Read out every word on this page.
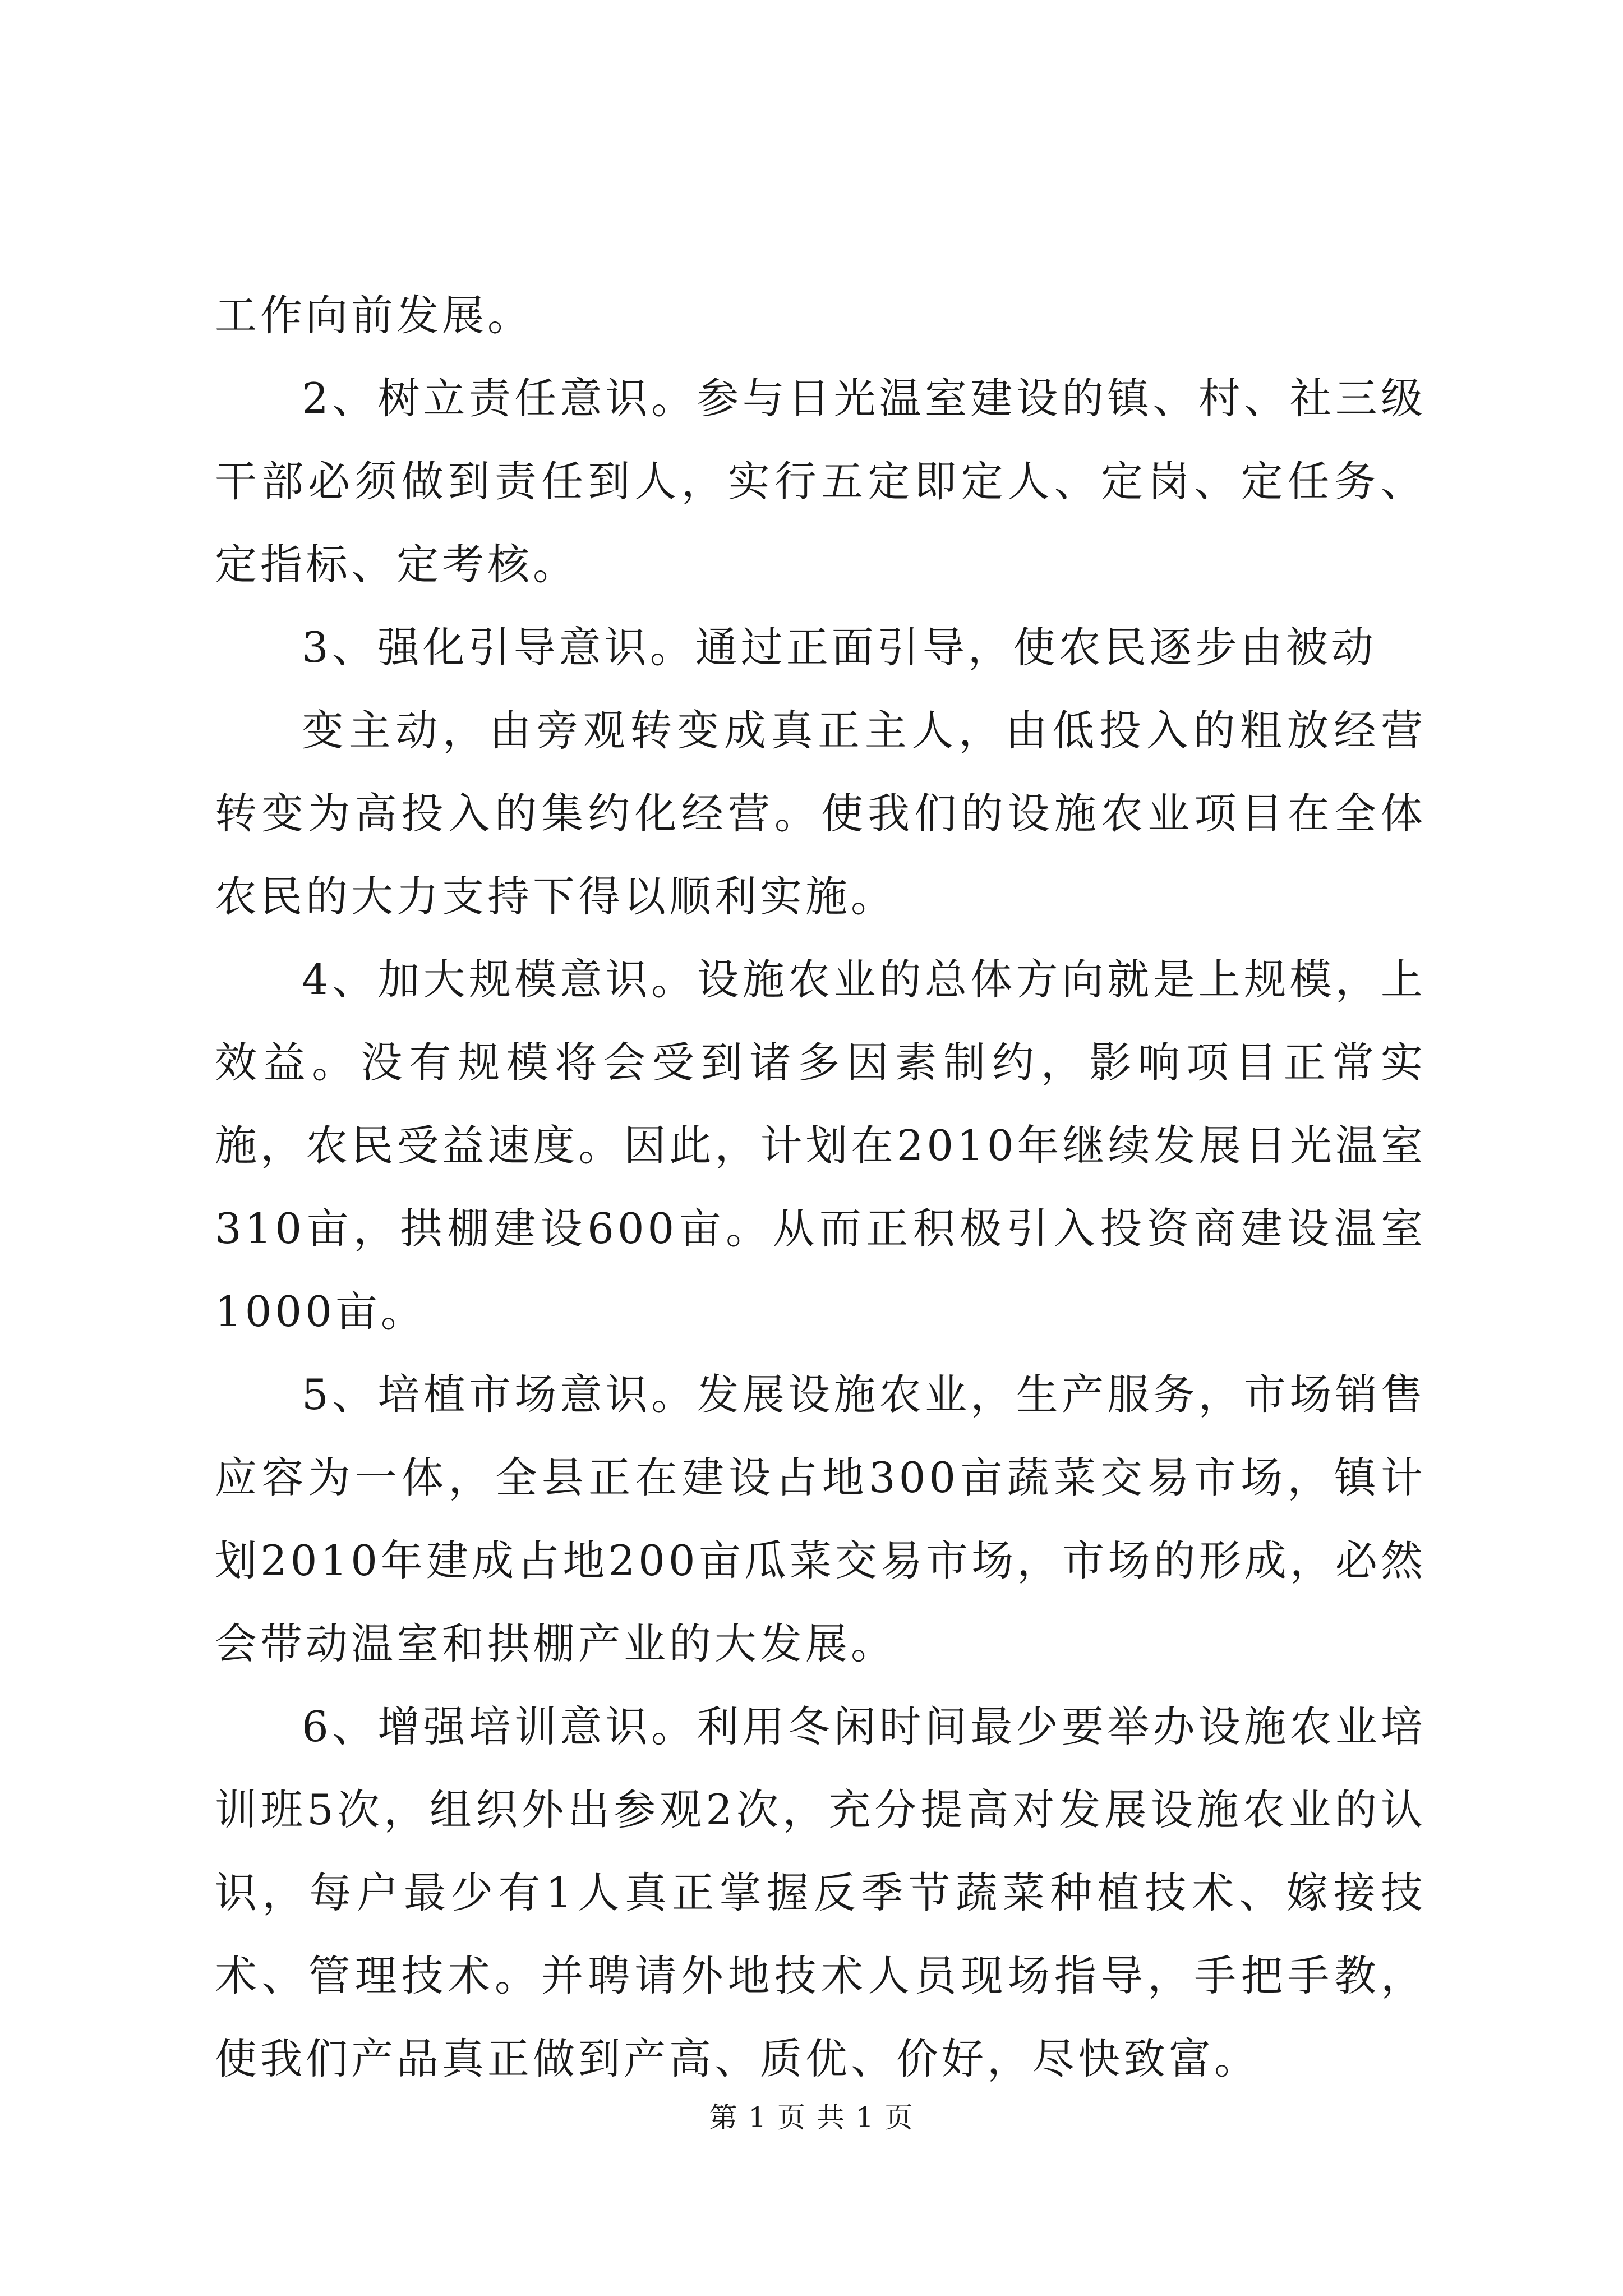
工作向前发展。

2、树立责任意识。参与日光温室建设的镇、村、社三级干部必须做到责任到人，实行五定即定人、定岗、定任务、定指标、定考核。

3、强化引导意识。通过正面引导，使农民逐步由被动

变主动，由旁观转变成真正主人，由低投入的粗放经营转变为高投入的集约化经营。使我们的设施农业项目在全体农民的大力支持下得以顺利实施。

4、加大规模意识。设施农业的总体方向就是上规模，上效益。没有规模将会受到诸多因素制约，影响项目正常实施，农民受益速度。因此，计划在2010年继续发展日光温室310亩，拱棚建设600亩。从而正积极引入投资商建设温室1000亩。

5、培植市场意识。发展设施农业，生产服务，市场销售应容为一体，全县正在建设占地300亩蔬菜交易市场，镇计划2010年建成占地200亩瓜菜交易市场，市场的形成，必然会带动温室和拱棚产业的大发展。

6、增强培训意识。利用冬闲时间最少要举办设施农业培训班5次，组织外出参观2次，充分提高对发展设施农业的认识，每户最少有1人真正掌握反季节蔬菜种植技术、嫁接技术、管理技术。并聘请外地技术人员现场指导，手把手教，使我们产品真正做到产高、质优、价好，尽快致富。

第 1 页 共 1 页
